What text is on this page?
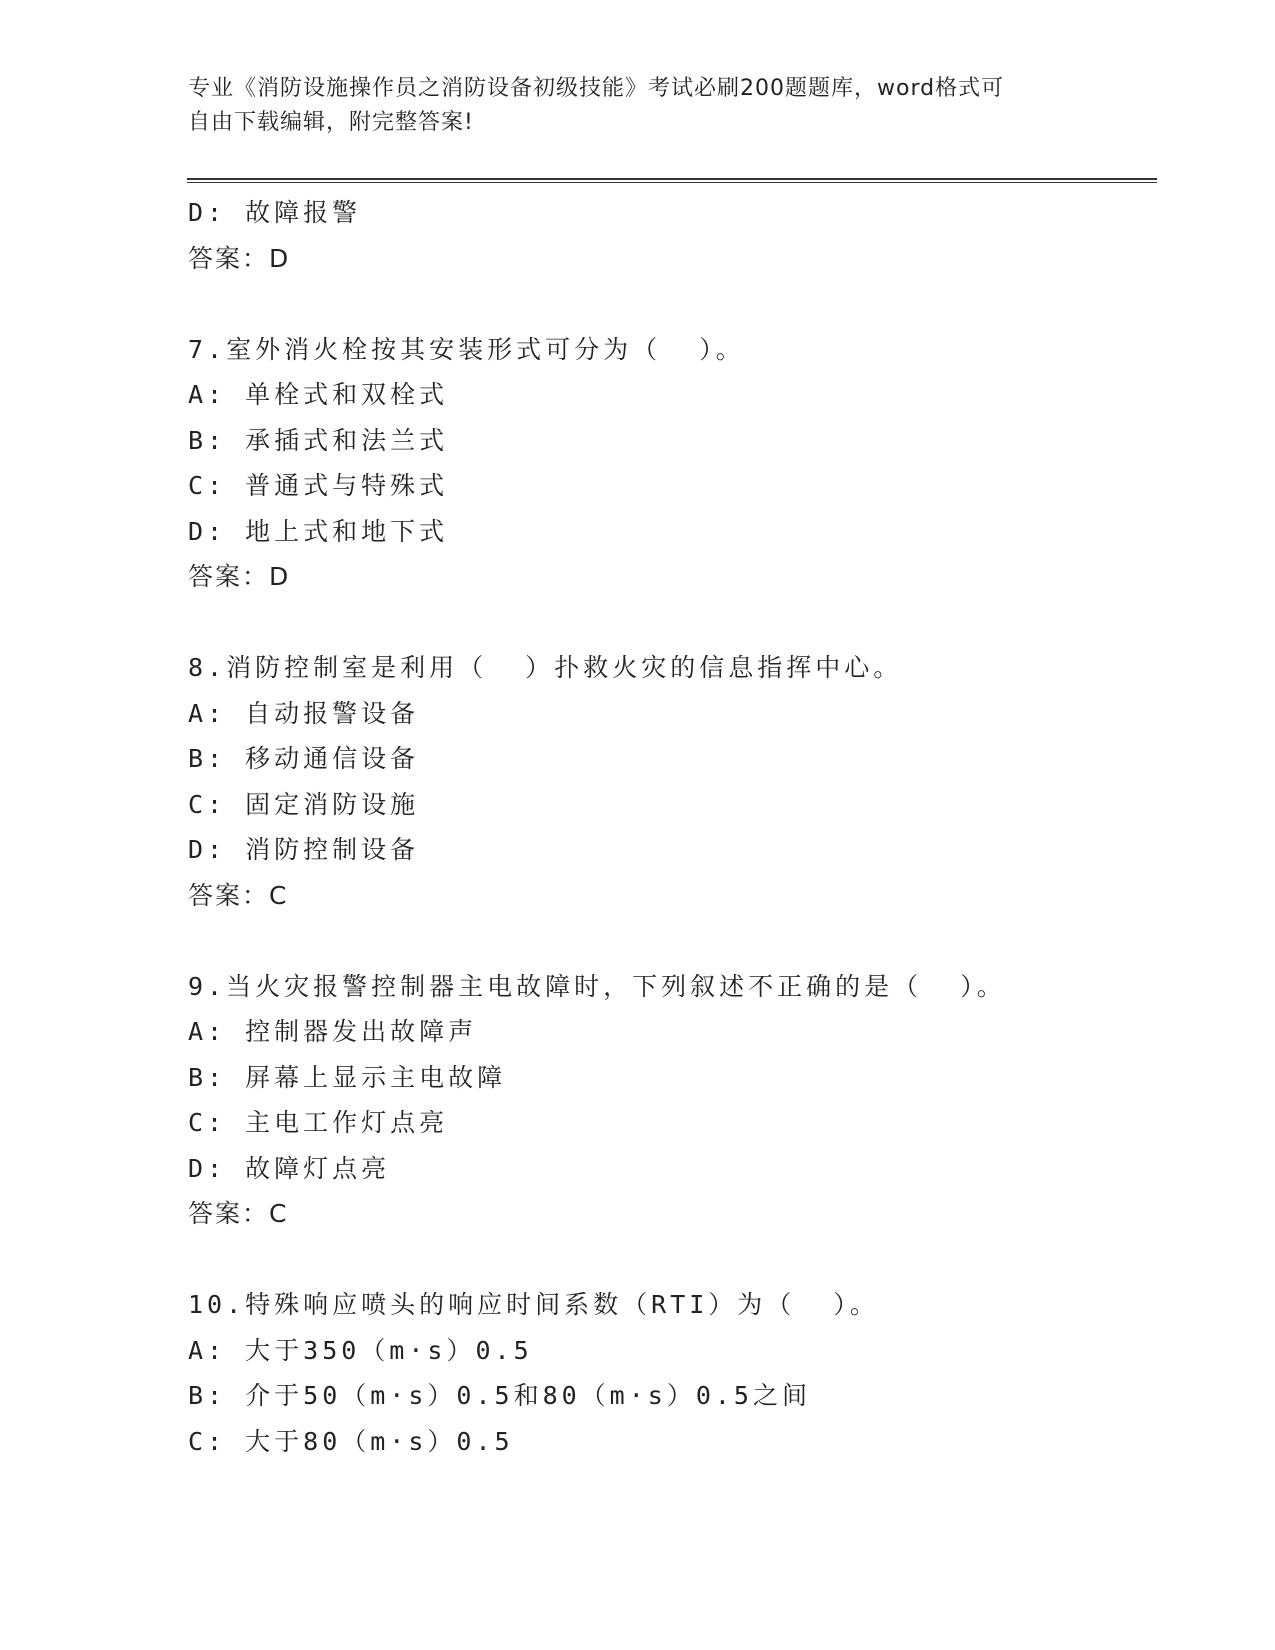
专业《消防设施操作员之消防设备初级技能》考试必刷200题题库，word格式可
自由下载编辑，附完整答案!
D: 故障报警
答案：D
7.室外消火栓按其安装形式可分为（  ）。
A: 单栓式和双栓式
B: 承插式和法兰式
C: 普通式与特殊式
D: 地上式和地下式
答案：D
8.消防控制室是利用（  ）扑救火灾的信息指挥中心。
A: 自动报警设备
B: 移动通信设备
C: 固定消防设施
D: 消防控制设备
答案：C
9.当火灾报警控制器主电故障时，下列叙述不正确的是（  ）。
A: 控制器发出故障声
B: 屏幕上显示主电故障
C: 主电工作灯点亮
D: 故障灯点亮
答案：C
10.特殊响应喷头的响应时间系数（RTI）为（  ）。
A: 大于350（m·s）0.5
B: 介于50（m·s）0.5和80（m·s）0.5之间
C: 大于80（m·s）0.5
